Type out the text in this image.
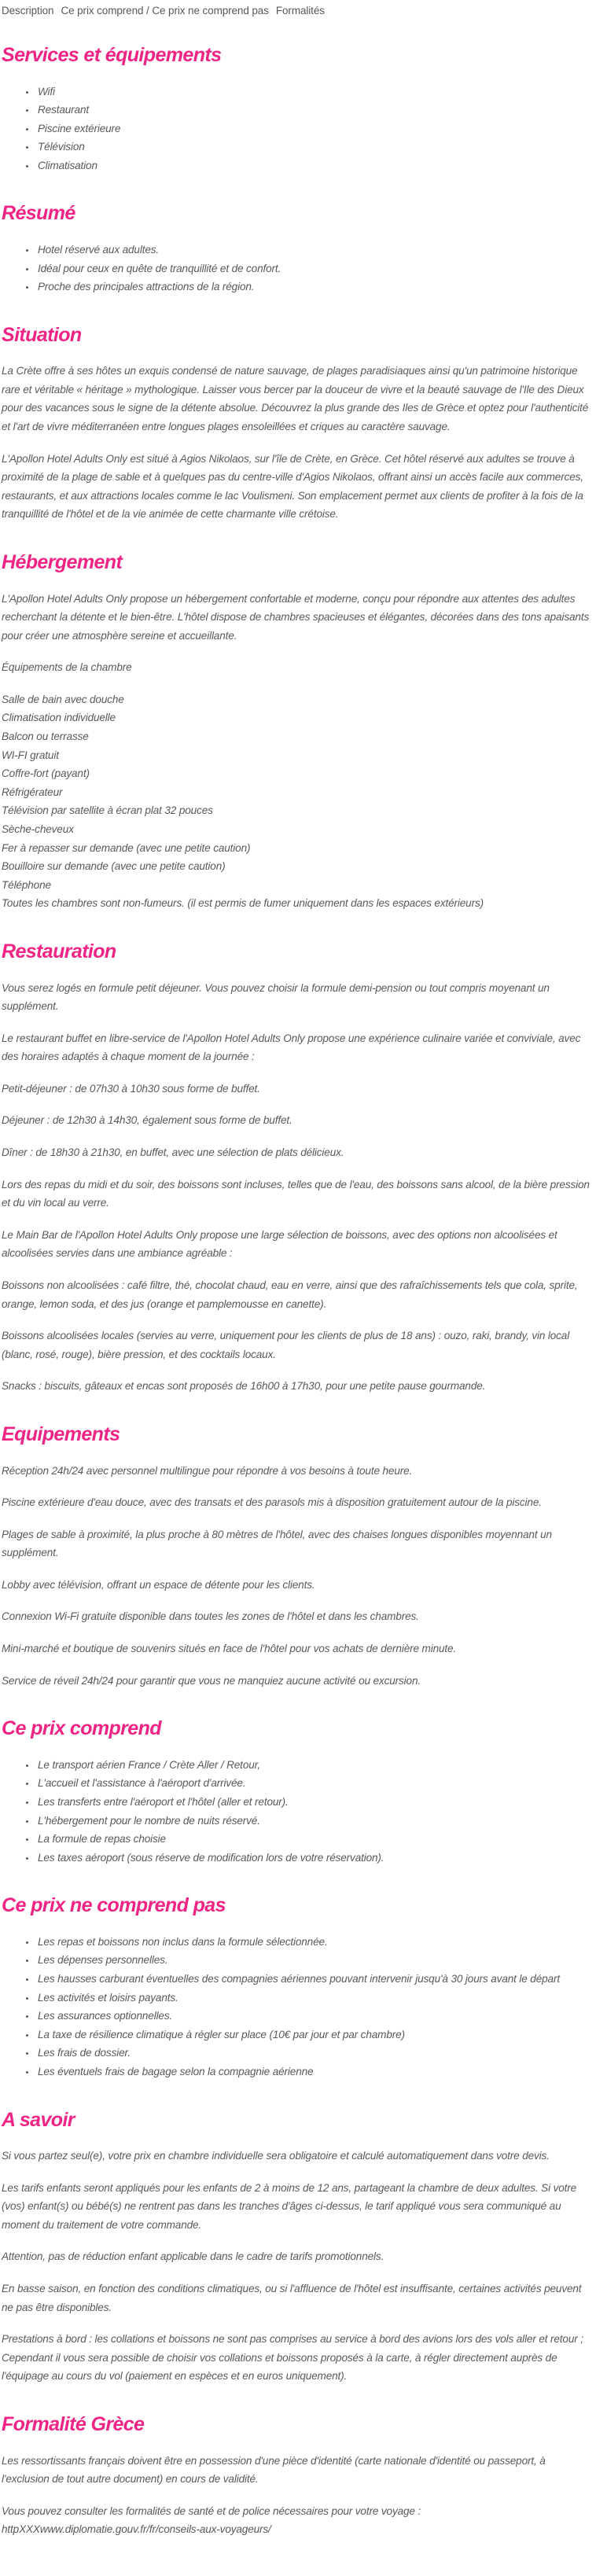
Description Ce prix comprend / Ce prix ne comprend pas Formalités
Services et équipements
• Wifi
• Restaurant
• Piscine extérieure
• Télévision
• Climatisation
Résumé
• Hotel réservé aux adultes.
• Idéal pour ceux en quête de tranquillité et de confort.
• Proche des principales attractions de la région.
Situation

La Crète offre à ses hôtes un exquis condensé de nature sauvage, de plages paradisiaques ainsi qu'un patrimoine historique rare et véritable « héritage » mythologique. Laisser vous bercer par la douceur de vivre et la beauté sauvage de l'Ile des Dieux pour des vacances sous le signe de la détente absolue. Découvrez la plus grande des Iles de Grèce et optez pour l'authenticité et l'art de vivre méditerranéen entre longues plages ensoleillées et criques au caractère sauvage.

L'Apollon Hotel Adults Only est situé à Agios Nikolaos, sur l'île de Crète, en Grèce. Cet hôtel réservé aux adultes se trouve à proximité de la plage de sable et à quelques pas du centre-ville d'Agios Nikolaos, offrant ainsi un accès facile aux commerces, restaurants, et aux attractions locales comme le lac Voulismeni. Son emplacement permet aux clients de profiter à la fois de la tranquillité de l'hôtel et de la vie animée de cette charmante ville crétoise.

Hébergement

L'Apollon Hotel Adults Only propose un hébergement confortable et moderne, conçu pour répondre aux attentes des adultes recherchant la détente et le bien-être. L'hôtel dispose de chambres spacieuses et élégantes, décorées dans des tons apaisants pour créer une atmosphère sereine et accueillante.

Équipements de la chambre

Salle de bain avec douche
Climatisation individuelle
Balcon ou terrasse
WI-FI gratuit
Coffre-fort (payant)
Réfrigérateur
Télévision par satellite à écran plat 32 pouces
Sèche-cheveux
Fer à repasser sur demande (avec une petite caution)
Bouilloire sur demande (avec une petite caution)
Téléphone
Toutes les chambres sont non-fumeurs. (il est permis de fumer uniquement dans les espaces extérieurs)
Restauration

Vous serez logés en formule petit déjeuner. Vous pouvez choisir la formule demi-pension ou tout compris moyenant un supplément.

Le restaurant buffet en libre-service de l'Apollon Hotel Adults Only propose une expérience culinaire variée et conviviale, avec des horaires adaptés à chaque moment de la journée :

Petit-déjeuner : de 07h30 à 10h30 sous forme de buffet.

Déjeuner : de 12h30 à 14h30, également sous forme de buffet.

Dîner : de 18h30 à 21h30, en buffet, avec une sélection de plats délicieux.

Lors des repas du midi et du soir, des boissons sont incluses, telles que de l'eau, des boissons sans alcool, de la bière pression et du vin local au verre.

Le Main Bar de l'Apollon Hotel Adults Only propose une large sélection de boissons, avec des options non alcoolisées et alcoolisées servies dans une ambiance agréable :

Boissons non alcoolisées : café filtre, thé, chocolat chaud, eau en verre, ainsi que des rafraîchissements tels que cola, sprite, orange, lemon soda, et des jus (orange et pamplemousse en canette).

Boissons alcoolisées locales (servies au verre, uniquement pour les clients de plus de 18 ans) : ouzo, raki, brandy, vin local (blanc, rosé, rouge), bière pression, et des cocktails locaux.

Snacks : biscuits, gâteaux et encas sont proposés de 16h00 à 17h30, pour une petite pause gourmande.

Equipements

Réception 24h/24 avec personnel multilingue pour répondre à vos besoins à toute heure.

Piscine extérieure d'eau douce, avec des transats et des parasols mis à disposition gratuitement autour de la piscine.

Plages de sable à proximité, la plus proche à 80 mètres de l'hôtel, avec des chaises longues disponibles moyennant un supplément.

Lobby avec télévision, offrant un espace de détente pour les clients.

Connexion Wi-Fi gratuite disponible dans toutes les zones de l'hôtel et dans les chambres.

Mini-marché et boutique de souvenirs situés en face de l'hôtel pour vos achats de dernière minute.

Service de réveil 24h/24 pour garantir que vous ne manquiez aucune activité ou excursion.

Ce prix comprend
• Le transport aérien France / Crète Aller / Retour,
• L'accueil et l'assistance à l'aéroport d'arrivée.
• Les transferts entre l'aéroport et l'hôtel (aller et retour).
• L'hébergement pour le nombre de nuits réservé.
• La formule de repas choisie
• Les taxes aéroport (sous réserve de modification lors de votre réservation).
Ce prix ne comprend pas
• Les repas et boissons non inclus dans la formule sélectionnée.
• Les dépenses personnelles.
• Les hausses carburant éventuelles des compagnies aériennes pouvant intervenir jusqu'à 30 jours avant le départ
• Les activités et loisirs payants.
• Les assurances optionnelles.
• La taxe de résilience climatique à régler sur place (10€ par jour et par chambre)
• Les frais de dossier.
• Les éventuels frais de bagage selon la compagnie aérienne
A savoir

Si vous partez seul(e), votre prix en chambre individuelle sera obligatoire et calculé automatiquement dans votre devis.

Les tarifs enfants seront appliqués pour les enfants de 2 à moins de 12 ans, partageant la chambre de deux adultes. Si votre (vos) enfant(s) ou bébé(s) ne rentrent pas dans les tranches d'âges ci-dessus, le tarif appliqué vous sera communiqué au moment du traitement de votre commande.

Attention, pas de réduction enfant applicable dans le cadre de tarifs promotionnels.

En basse saison, en fonction des conditions climatiques, ou si l'affluence de l'hôtel est insuffisante, certaines activités peuvent ne pas être disponibles.

Prestations à bord : les collations et boissons ne sont pas comprises au service à bord des avions lors des vols aller et retour ; Cependant il vous sera possible de choisir vos collations et boissons proposés à la carte, à régler directement auprès de l'équipage au cours du vol (paiement en espèces et en euros uniquement).

Formalité Grèce

Les ressortissants français doivent être en possession d'une pièce d'identité (carte nationale d'identité ou passeport, à l'exclusion de tout autre document) en cours de validité.

Vous pouvez consulter les formalités de santé et de police nécessaires pour votre voyage :
httpXXXwww.diplomatie.gouv.fr/fr/conseils-aux-voyageurs/
